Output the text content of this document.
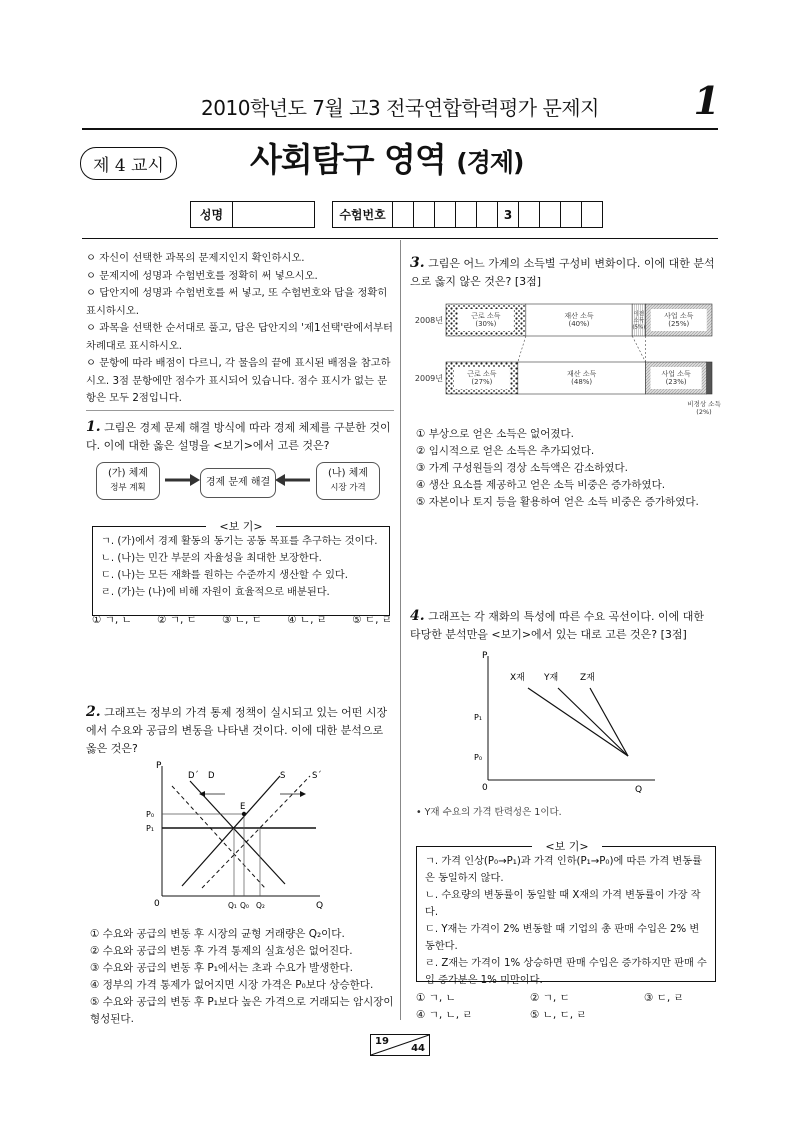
2010학년도 7월 고3 전국연합학력평가 문제지	1
제 4 교시	사회탐구 영역 (경제)
성명			수험번호						3				
ㅇ 자신이 선택한 과목의 문제지인지 확인하시오.
ㅇ 문제지에 성명과 수험번호를 정확히 써 넣으시오.
ㅇ 답안지에 성명과 수험번호를 써 넣고, 또 수험번호와 답을 정확히 표시하시오.
ㅇ 과목을 선택한 순서대로 풀고, 답은 답안지의 '제1선택'란에서부터 차례대로 표시하시오.
ㅇ 문항에 따라 배점이 다르니, 각 물음의 끝에 표시된 배점을 참고하시오. 3점 문항에만 점수가 표시되어 있습니다. 점수 표시가 없는 문항은 모두 2점입니다.
1. 그림은 경제 문제 해결 방식에 따라 경제 체제를 구분한 것이다. 이에 대한 옳은 설명을 <보기>에서 고른 것은?
(가) 체제
정부 계획	경제 문제 해결
(나) 체제
시장 가격
ㄱ. (가)에서 경제 활동의 동기는 공동 목표를 추구하는 것이다.
ㄴ. (나)는 민간 부문의 자율성을 최대한 보장한다.
ㄷ. (나)는 모든 재화를 원하는 수준까지 생산할 수 있다.
ㄹ. (가)는 (나)에 비해 자원이 효율적으로 배분된다.
<보 기>
① ㄱ, ㄴ ② ㄱ, ㄷ ③ ㄴ, ㄷ ④ ㄴ, ㄹ ⑤ ㄷ, ㄹ
2. 그래프는 정부의 가격 통제 정책이 실시되고 있는 어떤 시장에서 수요와 공급의 변동을 나타낸 것이다. 이에 대한 분석으로 옳은 것은?
P
Q
0
D´ D	S	S´
E
P₀
P₁
Q₁ Q₀ Q₂
① 수요와 공급의 변동 후 시장의 균형 거래량은 Q₂이다.
② 수요와 공급의 변동 후 가격 통제의 실효성은 없어진다.
③ 수요와 공급의 변동 후 P₁에서는 초과 수요가 발생한다.
④ 정부의 가격 통제가 없어지면 시장 가격은 P₀보다 상승한다.
⑤ 수요와 공급의 변동 후 P₁보다 높은 가격으로 거래되는 암시장이 형성된다.
3. 그림은 어느 가계의 소득별 구성비 변화이다. 이에 대한 분석으로 옳지 않은 것은? [3점]
2008년
근로 소득
(30%)
재산 소득
(40%)
이전
소득
(5%)
사업 소득
(25%)
2009년
근로 소득
(27%)
재산 소득
(48%)
사업 소득
(23%)
비경상 소득
(2%)
① 부상으로 얻은 소득은 없어졌다.
② 임시적으로 얻은 소득은 추가되었다.
③ 가계 구성원들의 경상 소득액은 감소하였다.
④ 생산 요소를 제공하고 얻은 소득 비중은 증가하였다.
⑤ 자본이나 토지 등을 활용하여 얻은 소득 비중은 증가하였다.
4. 그래프는 각 재화의 특성에 따른 수요 곡선이다. 이에 대한 타당한 분석만을 <보기>에서 있는 대로 고른 것은? [3점]
P
Q
0
X재 Y재 Z재
P₁
P₀
• Y재 수요의 가격 탄력성은 1이다.
ㄱ. 가격 인상(P₀→P₁)과 가격 인하(P₁→P₀)에 따른 가격 변동률은 동일하지 않다.
ㄴ. 수요량의 변동률이 동일할 때 X재의 가격 변동률이 가장 작다.
ㄷ. Y재는 가격이 2% 변동할 때 기업의 총 판매 수입은 2% 변동한다.
ㄹ. Z재는 가격이 1% 상승하면 판매 수입은 증가하지만 판매 수입 증가분은 1% 미만이다.
<보 기>
① ㄱ, ㄴ	② ㄱ, ㄷ	③ ㄷ, ㄹ
④ ㄱ, ㄴ, ㄹ	⑤ ㄴ, ㄷ, ㄹ
19
44
